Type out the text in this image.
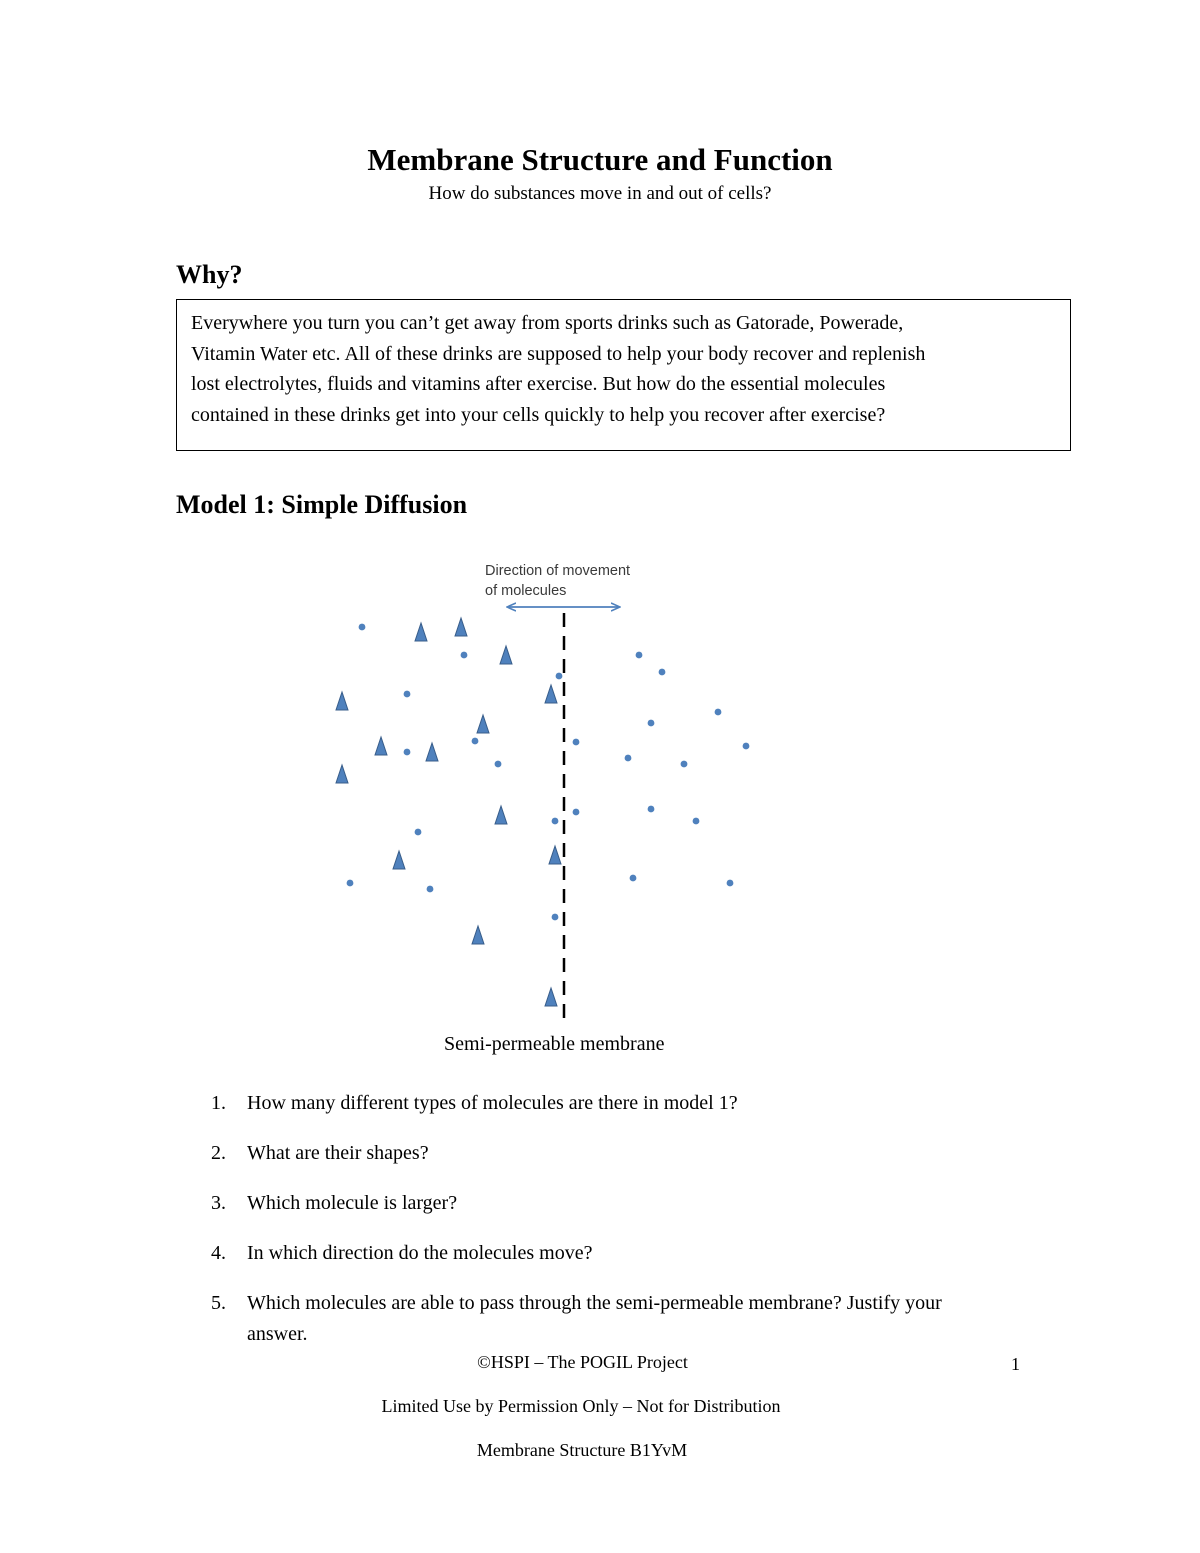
Membrane Structure and Function
How do substances move in and out of cells?
Why?
Everywhere you turn you can’t get away from sports drinks such as Gatorade, Powerade,
Vitamin Water etc. All of these drinks are supposed to help your body recover and replenish
lost electrolytes, fluids and vitamins after exercise. But how do the essential molecules
contained in these drinks get into your cells quickly to help you recover after exercise?
Model 1: Simple Diffusion
Direction of movement
of molecules
Semi-permeable membrane
1.	How many different types of molecules are there in model 1?
2.	What are their shapes?
3.	Which molecule is larger?
4.	In which direction do the molecules move?
5.	Which molecules are able to pass through the semi-permeable membrane? Justify your answer.
©HSPI – The POGIL Project	1
Limited Use by Permission Only – Not for Distribution
Membrane Structure B1YvM
